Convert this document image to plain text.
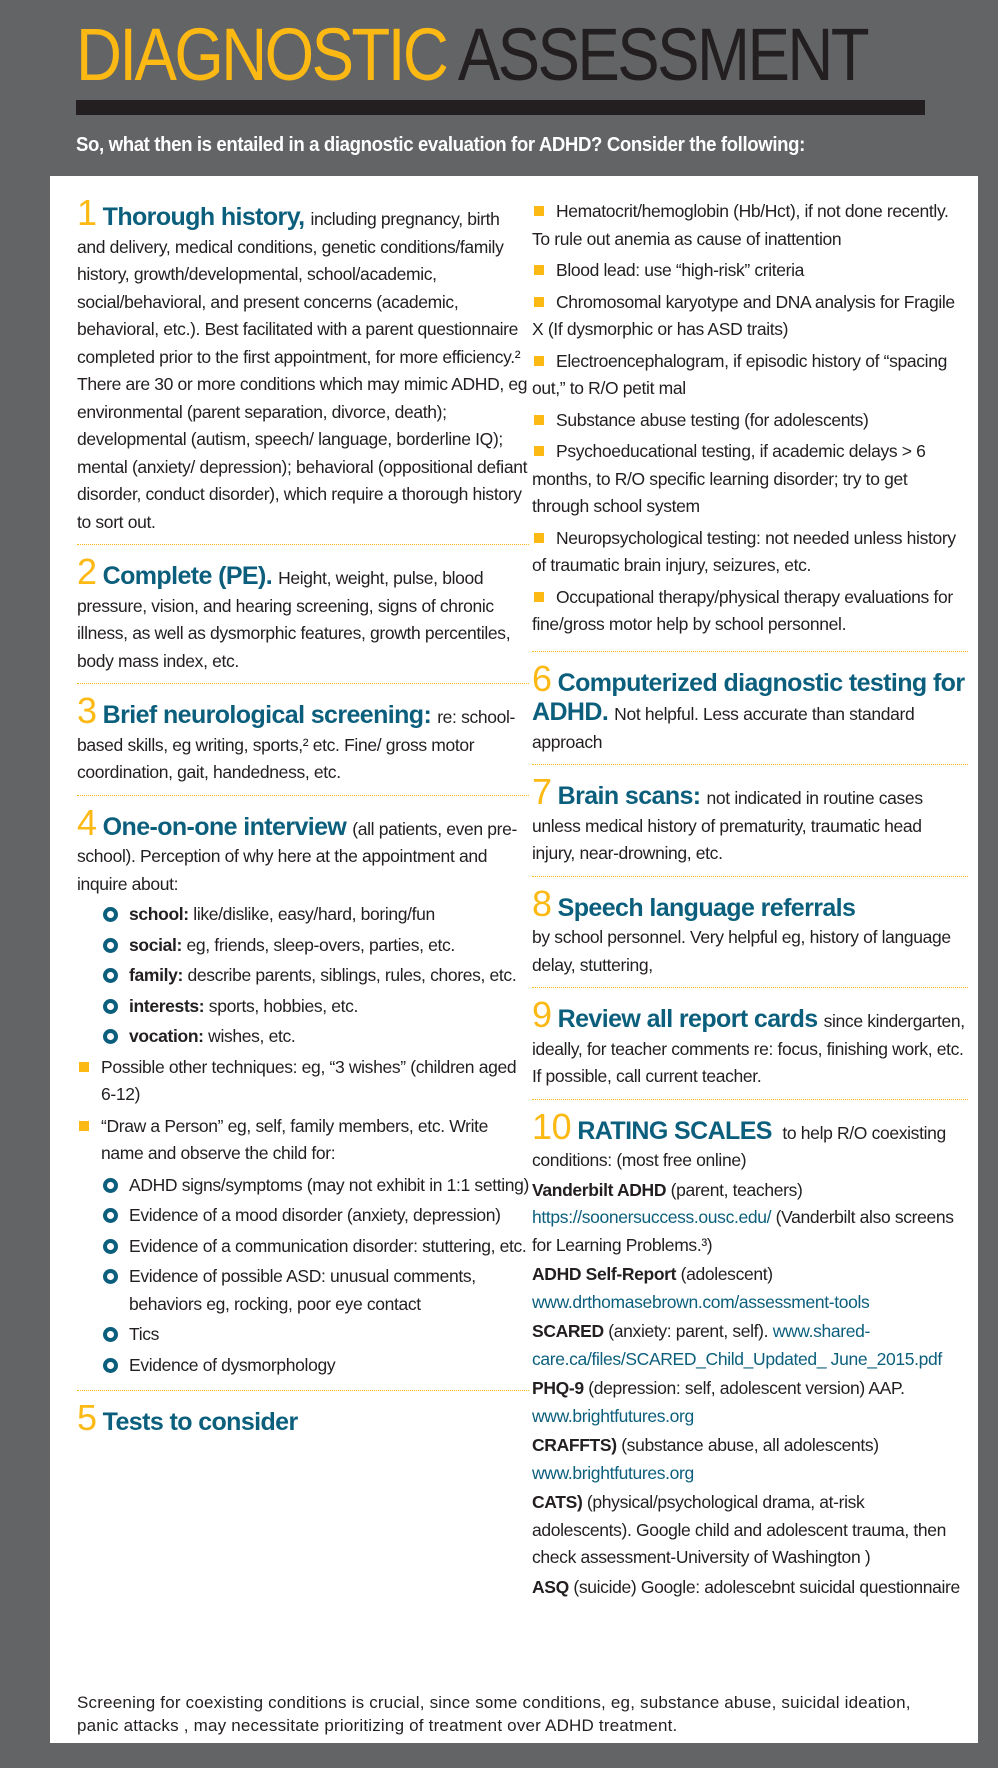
DIAGNOSTIC ASSESSMENT
So, what then is entailed in a diagnostic evaluation for ADHD? Consider the following:
1 Thorough history, including pregnancy, birth and delivery, medical conditions, genetic conditions/family history, growth/developmental, school/academic, social/behavioral, and present concerns (academic, behavioral, etc.). Best facilitated with a parent questionnaire completed prior to the first appointment, for more efficiency.² There are 30 or more conditions which may mimic ADHD, eg environmental (parent separation, divorce, death); developmental (autism, speech/ language, borderline IQ); mental (anxiety/ depression); behavioral (oppositional defiant disorder, conduct disorder), which require a thorough history to sort out.
2 Complete (PE). Height, weight, pulse, blood pressure, vision, and hearing screening, signs of chronic illness, as well as dysmorphic features, growth percentiles, body mass index, etc.
3 Brief neurological screening: re: school-based skills, eg writing, sports,² etc. Fine/ gross motor coordination, gait, handedness, etc.
4 One-on-one interview (all patients, even pre-school). Perception of why here at the appointment and inquire about:
school: like/dislike, easy/hard, boring/fun
social: eg, friends, sleep-overs, parties, etc.
family: describe parents, siblings, rules, chores, etc.
interests: sports, hobbies, etc.
vocation: wishes, etc.
Possible other techniques: eg, “3 wishes” (children aged 6-12)
“Draw a Person” eg, self, family members, etc. Write name and observe the child for:
ADHD signs/symptoms (may not exhibit in 1:1 setting)
Evidence of a mood disorder (anxiety, depression)
Evidence of a communication disorder: stuttering, etc.
Evidence of possible ASD: unusual comments, behaviors eg, rocking, poor eye contact
Tics
Evidence of dysmorphology
5 Tests to consider
Hematocrit/hemoglobin (Hb/Hct), if not done recently. To rule out anemia as cause of inattention
Blood lead: use “high-risk” criteria
Chromosomal karyotype and DNA analysis for Fragile X (If dysmorphic or has ASD traits)
Electroencephalogram, if episodic history of “spacing out,” to R/O petit mal
Substance abuse testing (for adolescents)
Psychoeducational testing, if academic delays > 6 months, to R/O specific learning disorder; try to get through school system
Neuropsychological testing: not needed unless history of traumatic brain injury, seizures, etc.
Occupational therapy/physical therapy evaluations for fine/gross motor help by school personnel.
6 Computerized diagnostic testing for ADHD. Not helpful. Less accurate than standard approach
7 Brain scans: not indicated in routine cases unless medical history of prematurity, traumatic head injury, near-drowning, etc.
8 Speech language referrals
by school personnel. Very helpful eg, history of language delay, stuttering,
9 Review all report cards since kindergarten, ideally, for teacher comments re: focus, finishing work, etc. If possible, call current teacher.
10 RATING SCALES to help R/O coexisting conditions: (most free online)
Vanderbilt ADHD (parent, teachers) https://soonersuccess.ousc.edu/ (Vanderbilt also screens for Learning Problems.³)
ADHD Self-Report (adolescent) www.drthomasebrown.com/assessment-tools
SCARED (anxiety: parent, self). www.shared-care.ca/files/SCARED_Child_Updated_ June_2015.pdf
PHQ-9 (depression: self, adolescent version) AAP. www.brightfutures.org
CRAFFTS) (substance abuse, all adolescents) www.brightfutures.org
CATS) (physical/psychological drama, at-risk adolescents). Google child and adolescent trauma, then check assessment-University of Washington )
ASQ (suicide) Google: adolescebnt suicidal questionnaire
Screening for coexisting conditions is crucial, since some conditions, eg, substance abuse, suicidal ideation, panic attacks , may necessitate prioritizing of treatment over ADHD treatment.
